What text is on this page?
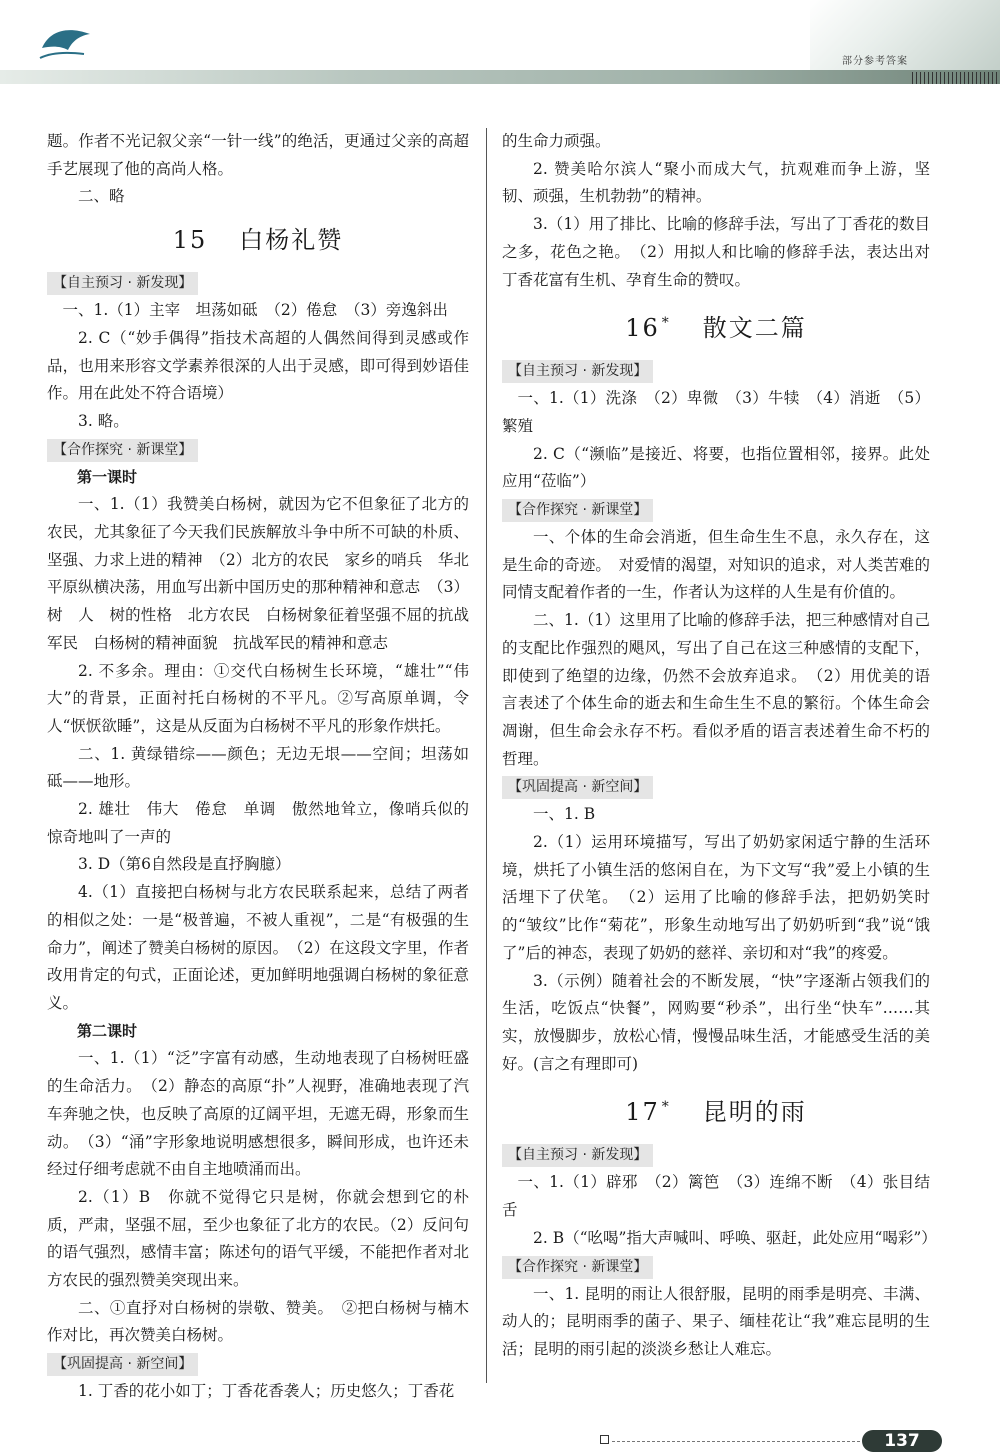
部分参考答案

题。作者不光记叙父亲“一针一线”的绝活，更通过父亲的高超手艺展现了他的高尚人格。

二、略

15 白杨礼赞
【自主预习 · 新发现】

一、1.（1）主宰　坦荡如砥　（2）倦怠　（3）旁逸斜出

2. C（“妙手偶得”指技术高超的人偶然间得到灵感或作品，也用来形容文学素养很深的人出于灵感，即可得到妙语佳作。用在此处不符合语境）

3. 略。

【合作探究 · 新课堂】

第一课时

一、1.（1）我赞美白杨树，就因为它不但象征了北方的农民，尤其象征了今天我们民族解放斗争中所不可缺的朴质、坚强、力求上进的精神　（2）北方的农民　家乡的哨兵　华北平原纵横决荡，用血写出新中国历史的那种精神和意志　（3）树　人　树的性格　北方农民　白杨树象征着坚强不屈的抗战军民　白杨树的精神面貌　抗战军民的精神和意志

2. 不多余。理由：①交代白杨树生长环境，“雄壮”“伟大”的背景，正面衬托白杨树的不平凡。②写高原单调，令人“恹恹欲睡”，这是从反面为白杨树不平凡的形象作烘托。

二、1. 黄绿错综——颜色；无边无垠——空间；坦荡如砥——地形。

2. 雄壮　伟大　倦怠　单调　傲然地耸立，像哨兵似的　惊奇地叫了一声的

3. D（第6自然段是直抒胸臆）

4.（1）直接把白杨树与北方农民联系起来，总结了两者的相似之处：一是“极普遍，不被人重视”，二是“有极强的生命力”，阐述了赞美白杨树的原因。　（2）在这段文字里，作者改用肯定的句式，正面论述，更加鲜明地强调白杨树的象征意义。

第二课时

一、1.（1）“泛”字富有动感，生动地表现了白杨树旺盛的生命活力。　（2）静态的高原“扑”人视野，准确地表现了汽车奔驰之快，也反映了高原的辽阔平坦，无遮无碍，形象而生动。　（3）“涌”字形象地说明感想很多，瞬间形成，也许还未经过仔细考虑就不由自主地喷涌而出。

2.（1）B　你就不觉得它只是树，你就会想到它的朴质，严肃，坚强不屈，至少也象征了北方的农民。（2）反问句的语气强烈，感情丰富；陈述句的语气平缓，不能把作者对北方农民的强烈赞美突现出来。

二、①直抒对白杨树的崇敬、赞美。　②把白杨树与楠木作对比，再次赞美白杨树。

【巩固提高 · 新空间】

1. 丁香的花小如丁；丁香花香袭人；历史悠久；丁香花

的生命力顽强。

2. 赞美哈尔滨人“聚小而成大气，抗观难而争上游，坚韧、顽强，生机勃勃”的精神。

3.（1）用了排比、比喻的修辞手法，写出了丁香花的数目之多，花色之艳。　（2）用拟人和比喻的修辞手法，表达出对丁香花富有生机、孕育生命的赞叹。

16 * 散文二篇
【自主预习 · 新发现】

一、1.（1）洗涤　（2）卑微　（3）牛犊　（4）消逝　（5）繁殖

2. C（“濒临”是接近、将要，也指位置相邻，接界。此处应用“莅临”）

【合作探究 · 新课堂】

一、个体的生命会消逝，但生命生生不息，永久存在，这是生命的奇迹。　对爱情的渴望，对知识的追求，对人类苦难的同情支配着作者的一生，作者认为这样的人生是有价值的。

二、1.（1）这里用了比喻的修辞手法，把三种感情对自己的支配比作强烈的飓风，写出了自己在这三种感情的支配下，即使到了绝望的边缘，仍然不会放弃追求。　（2）用优美的语言表述了个体生命的逝去和生命生生不息的繁衍。个体生命会凋谢，但生命会永存不朽。看似矛盾的语言表述着生命不朽的哲理。

【巩固提高 · 新空间】

一、1. B

2.（1）运用环境描写，写出了奶奶家闲适宁静的生活环境，烘托了小镇生活的悠闲自在，为下文写“我”爱上小镇的生活埋下了伏笔。　（2）运用了比喻的修辞手法，把奶奶笑时的“皱纹”比作“菊花”，形象生动地写出了奶奶听到“我”说“饿了”后的神态，表现了奶奶的慈祥、亲切和对“我”的疼爱。

3.（示例）随着社会的不断发展，“快”字逐渐占领我们的生活，吃饭点“快餐”，网购要“秒杀”，出行坐“快车”……其实，放慢脚步，放松心情，慢慢品味生活，才能感受生活的美好。(言之有理即可)

17 * 昆明的雨
【自主预习 · 新发现】

一、1.（1）辟邪　（2）篱笆　（3）连绵不断　（4）张目结舌

2. B（“吆喝”指大声喊叫、呼唤、驱赶，此处应用“喝彩”）

【合作探究 · 新课堂】

一、1. 昆明的雨让人很舒服，昆明的雨季是明亮、丰满、动人的；昆明雨季的菌子、果子、缅桂花让“我”难忘昆明的生活；昆明的雨引起的淡淡乡愁让人难忘。

137
